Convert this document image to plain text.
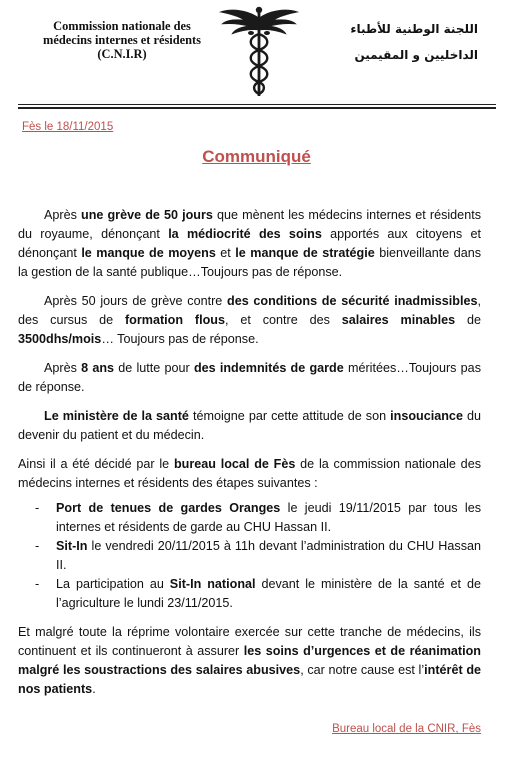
Commission nationale des
médecins internes et résidents
(C.N.I.R)
اللجنة الوطنية للأطباء
الداخليين و المقيمين
Fès le 18/11/2015
Communiqué

Après une grève de 50 jours que mènent les médecins internes et résidents du royaume, dénonçant la médiocrité des soins apportés aux citoyens et dénonçant le manque de moyens et le manque de stratégie bienveillante dans la gestion de la santé publique…Toujours pas de réponse.

Après 50 jours de grève contre des conditions de sécurité inadmissibles, des cursus de formation flous, et contre des salaires minables de 3500dhs/mois… Toujours pas de réponse.

Après 8 ans de lutte pour des indemnités de garde méritées…Toujours pas de réponse.

Le ministère de la santé témoigne par cette attitude de son insouciance du devenir du patient et du médecin.

Ainsi il a été décidé par le bureau local de Fès de la commission nationale des médecins internes et résidents des étapes suivantes :

- Port de tenues de gardes Oranges le jeudi 19/11/2015 par tous les internes et résidents de garde au CHU Hassan II.
- Sit-In le vendredi 20/11/2015 à 11h devant l’administration du CHU Hassan II.
- La participation au Sit-In national devant le ministère de la santé et de l’agriculture le lundi 23/11/2015.

Et malgré toute la réprime volontaire exercée sur cette tranche de médecins, ils continuent et ils continueront à assurer les soins d’urgences et de réanimation malgré les soustractions des salaires abusives, car notre cause est l’intérêt de nos patients.

Bureau local de la CNIR, Fès
